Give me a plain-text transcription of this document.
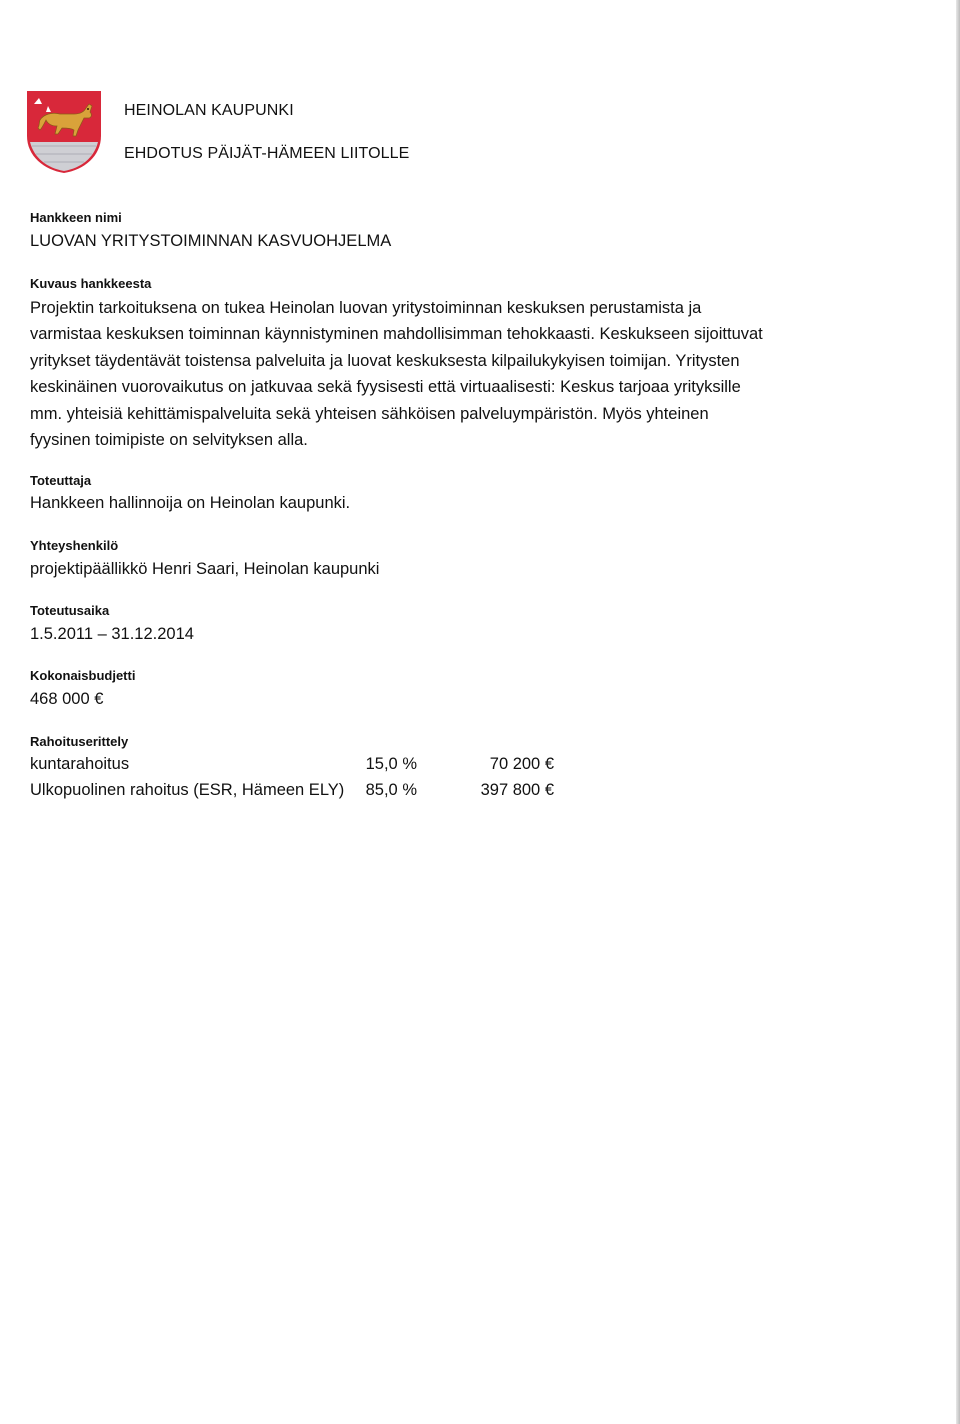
HEINOLAN KAUPUNKI
EHDOTUS PÄIJÄT-HÄMEEN LIITOLLE
Hankkeen nimi
LUOVAN YRITYSTOIMINNAN KASVUOHJELMA
Kuvaus hankkeesta

Projektin tarkoituksena on tukea Heinolan luovan yritystoiminnan keskuksen perustamista ja

varmistaa keskuksen toiminnan käynnistyminen mahdollisimman tehokkaasti. Keskukseen sijoittuvat

yritykset täydentävät toistensa palveluita ja luovat keskuksesta kilpailukykyisen toimijan. Yritysten

keskinäinen vuorovaikutus on jatkuvaa sekä fyysisesti että virtuaalisesti: Keskus tarjoaa yrityksille

mm. yhteisiä kehittämispalveluita sekä yhteisen sähköisen palveluympäristön. Myös yhteinen

fyysinen toimipiste on selvityksen alla.

Toteuttaja
Hankkeen hallinnoija on Heinolan kaupunki.
Yhteyshenkilö
projektipäällikkö Henri Saari, Heinolan kaupunki
Toteutusaika
1.5.2011 – 31.12.2014
Kokonaisbudjetti
468 000 €
Rahoituserittely
kuntarahoitus	15,0 %	70 200 €
Ulkopuolinen rahoitus (ESR, Hämeen ELY)	85,0 %	397 800 €
